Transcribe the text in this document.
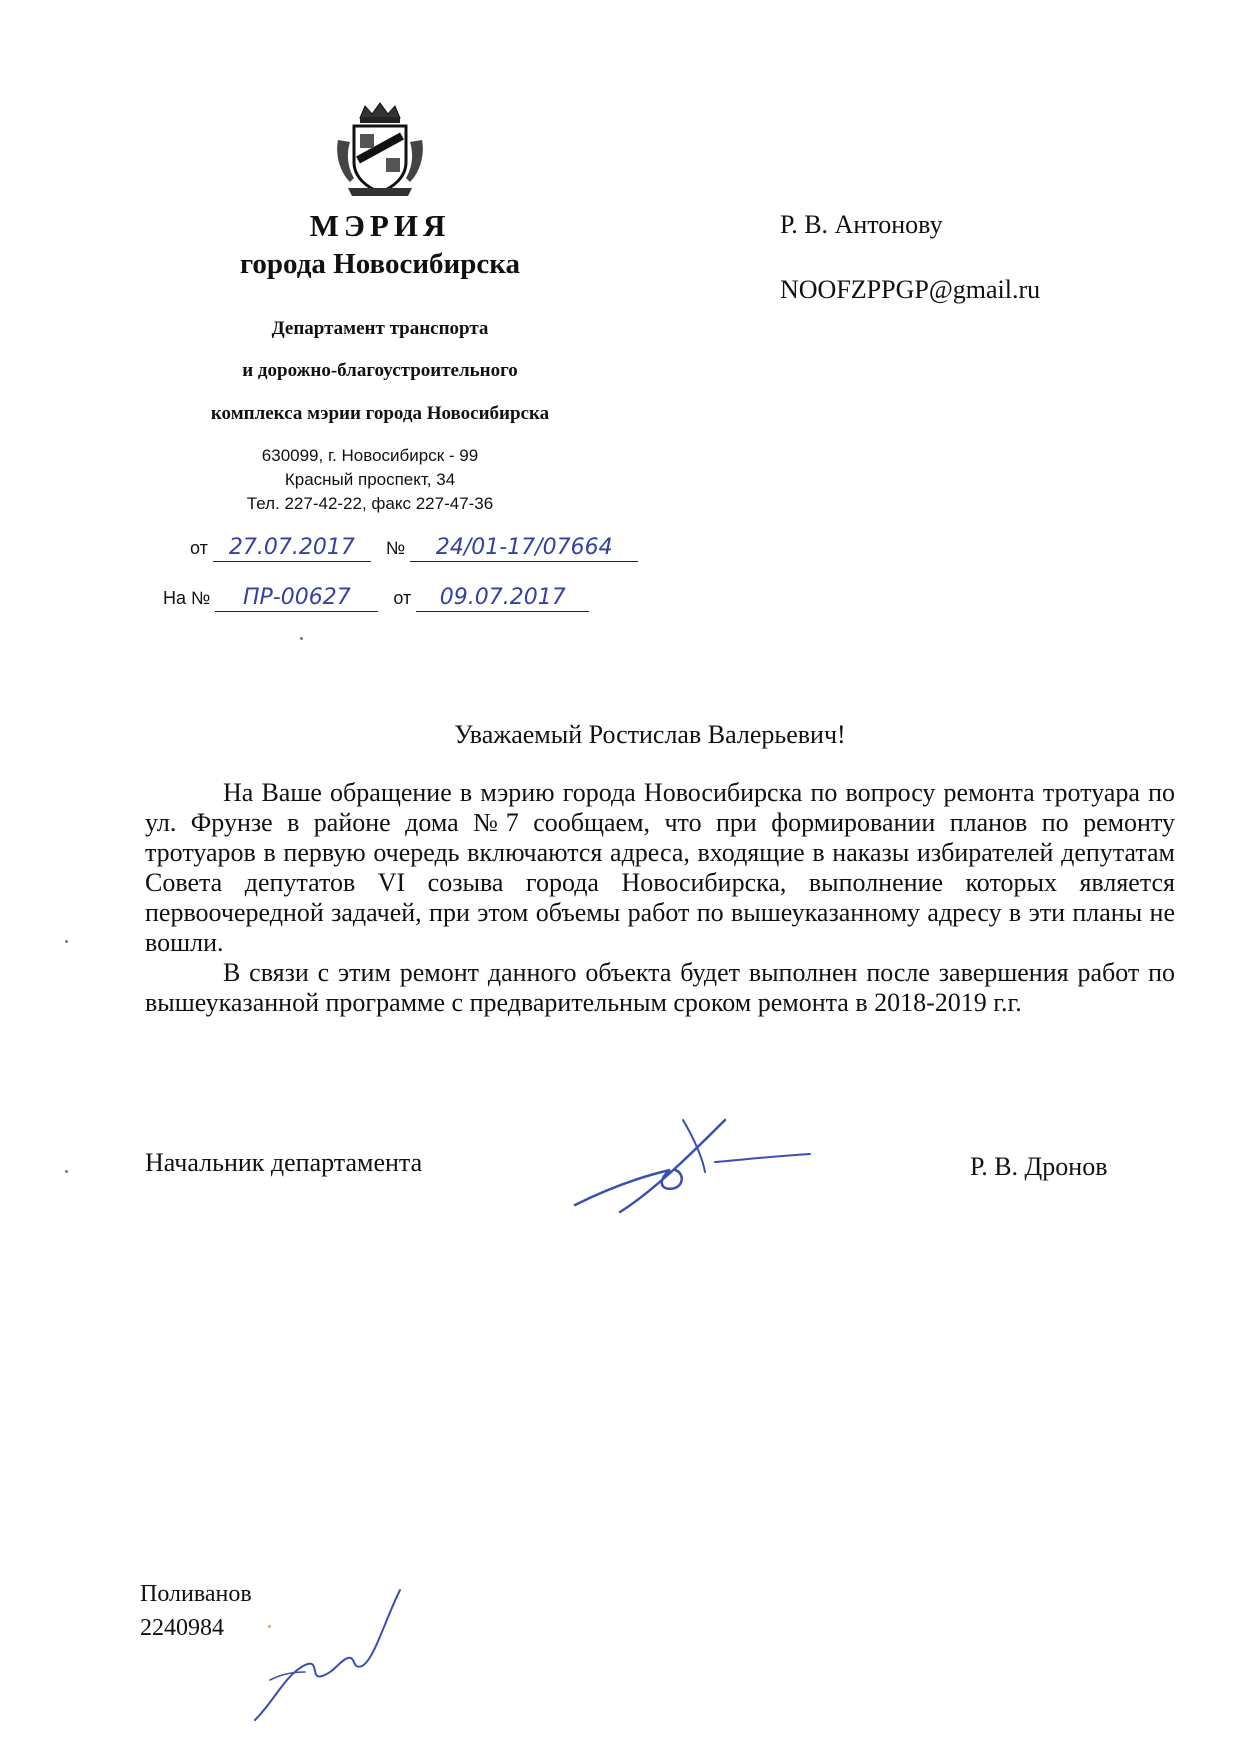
МЭРИЯ
города Новосибирска
Департамент транспорта
и дорожно-благоустроительного
комплекса мэрии города Новосибирска
630099, г. Новосибирск - 99
Красный проспект, 34
Тел. 227-42-22, факс 227-47-36
от 27.07.2017 № 24/01-17/07664
На № ПР-00627 от 09.07.2017
Р. В. Антонову
NOOFZPPGP@gmail.ru
Уважаемый Ростислав Валерьевич!

На Ваше обращение в мэрию города Новосибирска по вопросу ремонта тротуара по ул. Фрунзе в районе дома №7 сообщаем, что при формировании планов по ремонту тротуаров в первую очередь включаются адреса, входящие в наказы избирателей депутатам Совета депутатов VI созыва города Новосибирска, выполнение которых является первоочередной задачей, при этом объемы работ по вышеуказанному адресу в эти планы не вошли.

В связи с этим ремонт данного объекта будет выполнен после завершения работ по вышеуказанной программе с предварительным сроком ремонта в 2018-2019 г.г.

Начальник департамента	Р. В. Дронов
Поливанов
2240984
